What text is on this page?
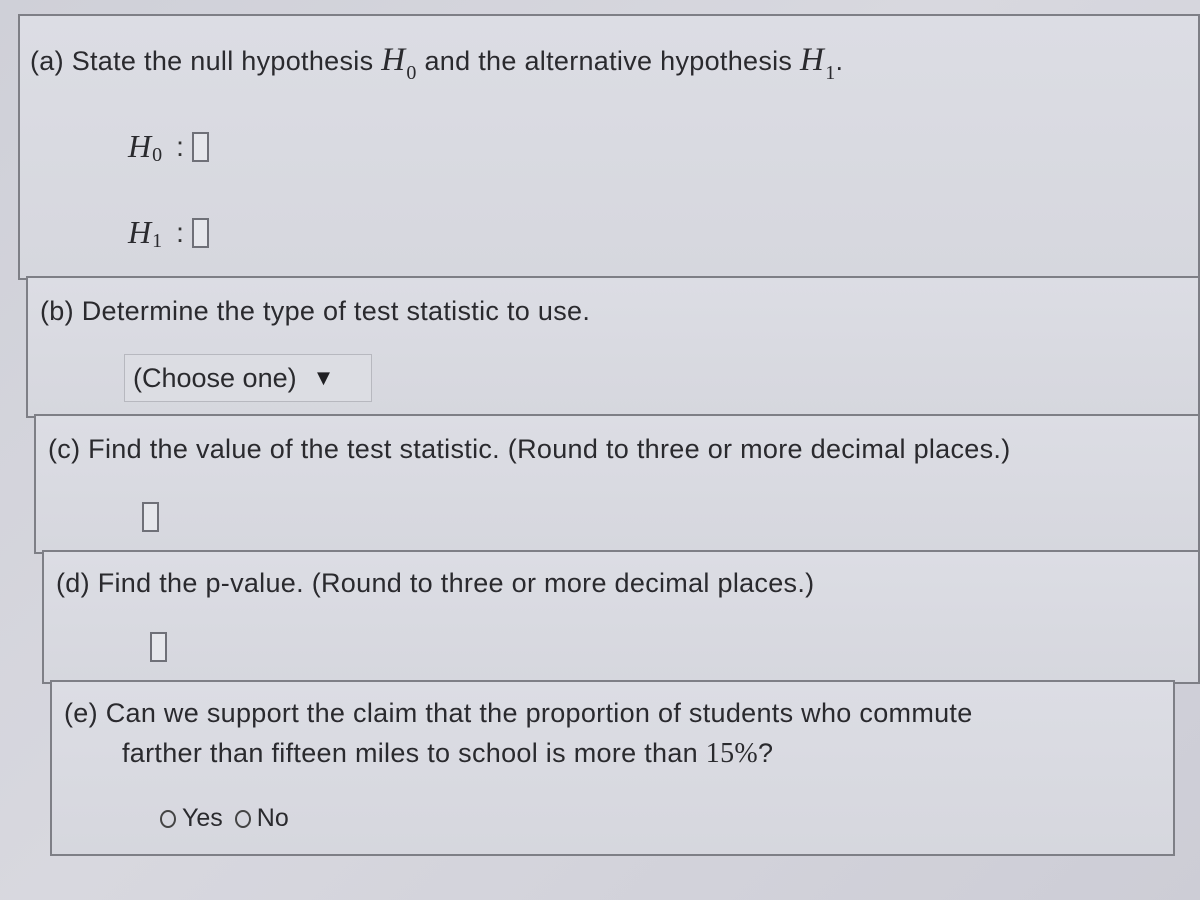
(a) State the null hypothesis $H_0$ and the alternative hypothesis $H_1$.
H 0 :
H 1 :
(b) Determine the type of test statistic to use.
(Choose one) ▼
(c) Find the value of the test statistic. (Round to three or more decimal places.)
(d) Find the p-value. (Round to three or more decimal places.)
(e) Can we support the claim that the proportion of students who commute
farther than fifteen miles to school is more than 15%?
Yes No
